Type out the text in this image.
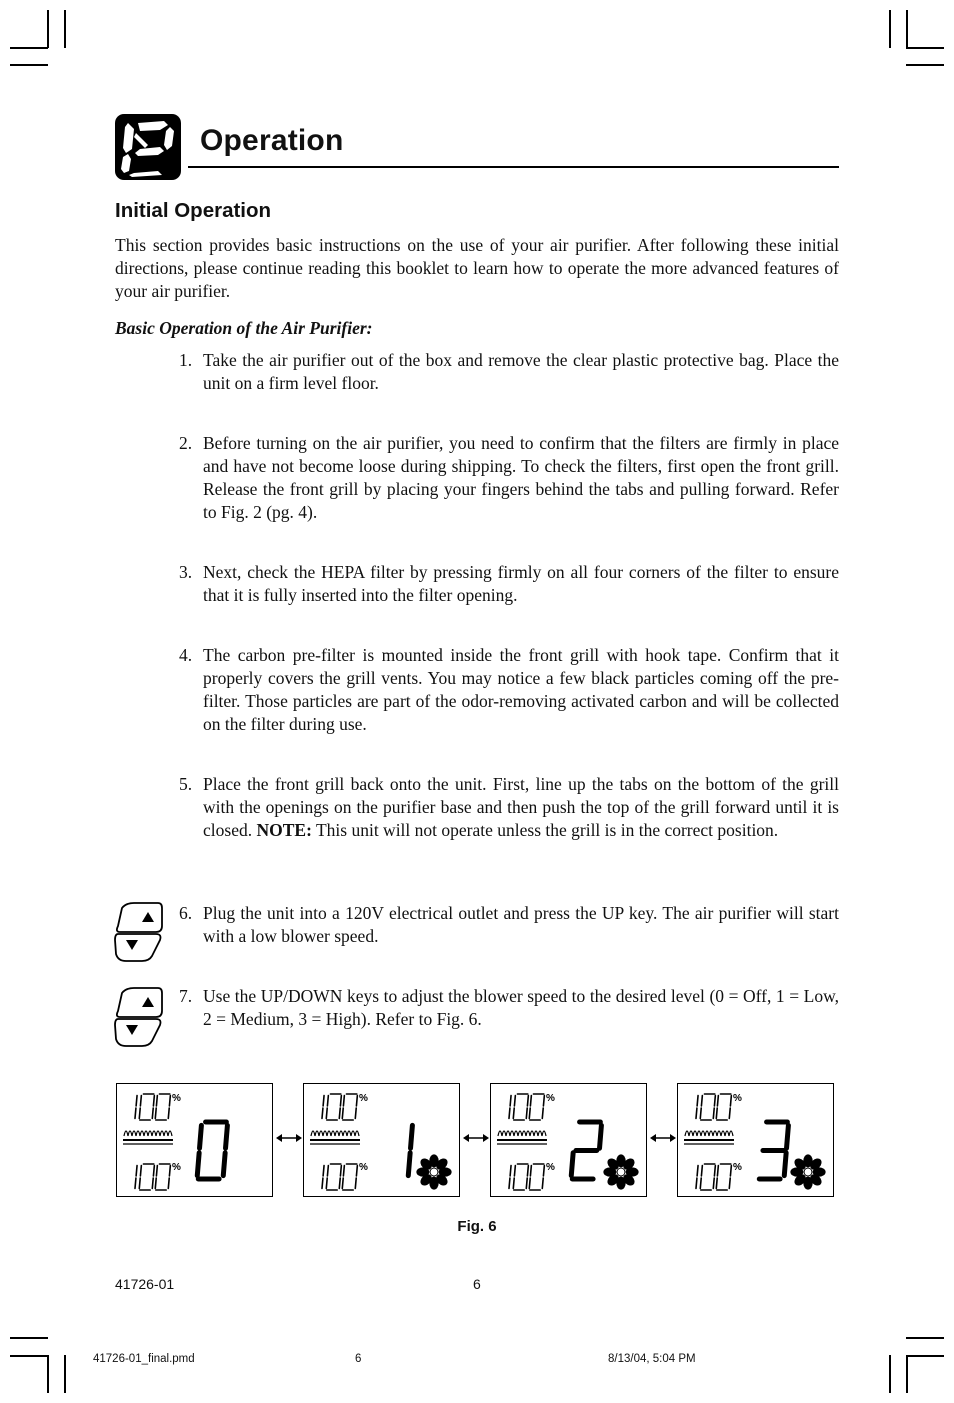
Operation
Initial Operation
This section provides basic instructions on the use of your air purifier. After following these initial directions, please continue reading this booklet to learn how to operate the more advanced features of your air purifier.
Basic Operation of the Air Purifier:
1. Take the air purifier out of the box and remove the clear plastic protective bag. Place the unit on a firm level floor.
2. Before turning on the air purifier, you need to confirm that the filters are firmly in place and have not become loose during shipping. To check the filters, first open the front grill. Release the front grill by placing your fingers behind the tabs and pulling forward. Refer to Fig. 2 (pg. 4).
3. Next, check the HEPA filter by pressing firmly on all four corners of the filter to ensure that it is fully inserted into the filter opening.
4. The carbon pre-filter is mounted inside the front grill with hook tape. Confirm that it properly covers the grill vents. You may notice a few black particles coming off the pre-filter. Those particles are part of the odor-removing activated carbon and will be collected on the filter during use.
5. Place the front grill back onto the unit. First, line up the tabs on the bottom of the grill with the openings on the purifier base and then push the top of the grill forward until it is closed. NOTE: This unit will not operate unless the grill is in the correct position.
6. Plug the unit into a 120V electrical outlet and press the UP key. The air purifier will start with a low blower speed.
7. Use the UP/DOWN keys to adjust the blower speed to the desired level (0 = Off, 1 = Low, 2 = Medium, 3 = High). Refer to Fig. 6.
%
%
%
%
%
%
%
%
Fig. 6
41726-01	6
41726-01_final.pmd	6	8/13/04, 5:04 PM
